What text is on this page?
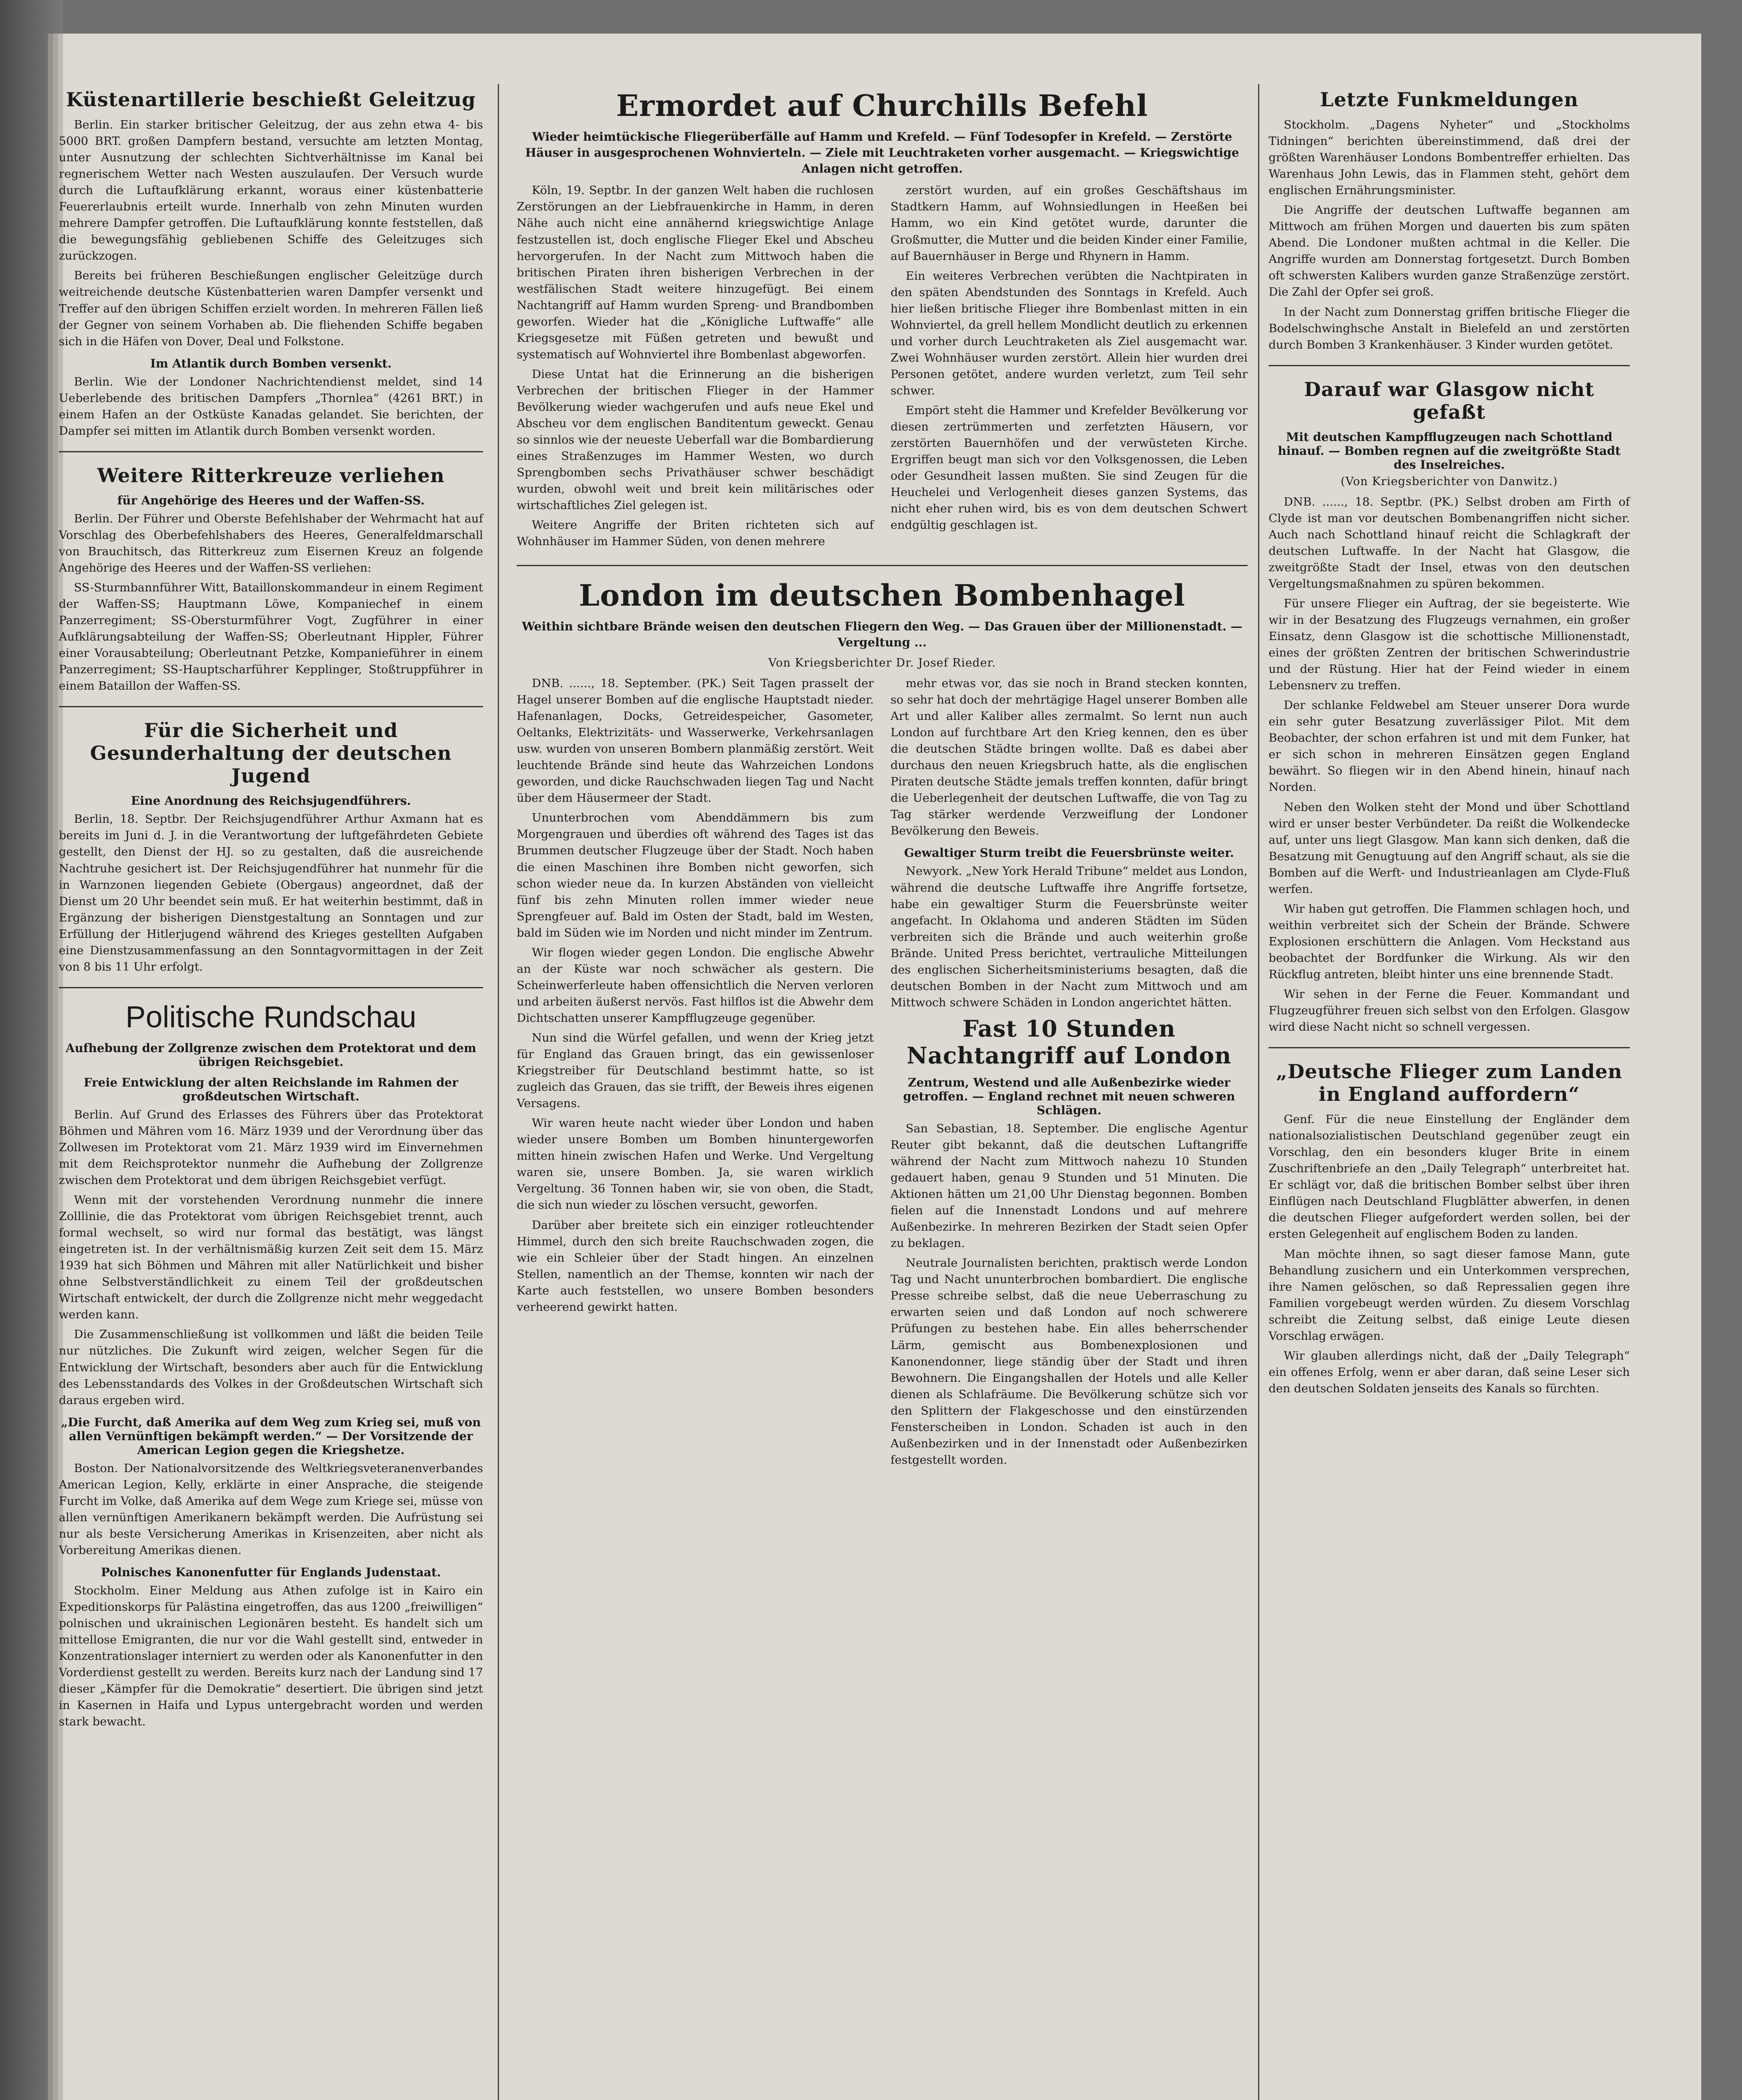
Küstenartillerie beschießt Geleitzug

Berlin. Ein starker britischer Geleitzug, der aus zehn etwa 4- bis 5000 BRT. großen Dampfern bestand, versuchte am letzten Montag, unter Ausnutzung der schlechten Sichtverhältnisse im Kanal bei regnerischem Wetter nach Westen auszulaufen. Der Versuch wurde durch die Luftaufklärung erkannt, woraus einer küstenbatterie Feuererlaubnis erteilt wurde. Innerhalb von zehn Minuten wurden mehrere Dampfer getroffen. Die Luftaufklärung konnte feststellen, daß die bewegungsfähig gebliebenen Schiffe des Geleitzuges sich zurückzogen.

Bereits bei früheren Beschießungen englischer Geleitzüge durch weitreichende deutsche Küstenbatterien waren Dampfer versenkt und Treffer auf den übrigen Schiffen erzielt worden. In mehreren Fällen ließ der Gegner von seinem Vorhaben ab. Die fliehenden Schiffe begaben sich in die Häfen von Dover, Deal und Folkstone.

Im Atlantik durch Bomben versenkt.

Berlin. Wie der Londoner Nachrichtendienst meldet, sind 14 Ueberlebende des britischen Dampfers „Thornlea“ (4261 BRT.) in einem Hafen an der Ostküste Kanadas gelandet. Sie berichten, der Dampfer sei mitten im Atlantik durch Bomben versenkt worden.

Weitere Ritterkreuze verliehen
für Angehörige des Heeres und der Waffen-SS.

Berlin. Der Führer und Oberste Befehlshaber der Wehrmacht hat auf Vorschlag des Oberbefehlshabers des Heeres, Generalfeldmarschall von Brauchitsch, das Ritterkreuz zum Eisernen Kreuz an folgende Angehörige des Heeres und der Waffen-SS verliehen:

SS-Sturmbannführer Witt, Bataillonskommandeur in einem Regiment der Waffen-SS; Hauptmann Löwe, Kompaniechef in einem Panzerregiment; SS-Obersturmführer Vogt, Zugführer in einer Aufklärungsabteilung der Waffen-SS; Oberleutnant Hippler, Führer einer Vorausabteilung; Oberleutnant Petzke, Kompanieführer in einem Panzerregiment; SS-Hauptscharführer Kepplinger, Stoßtruppführer in einem Bataillon der Waffen-SS.

Für die Sicherheit und Gesunderhaltung der deutschen Jugend
Eine Anordnung des Reichsjugendführers.

Berlin, 18. Septbr. Der Reichsjugendführer Arthur Axmann hat es bereits im Juni d. J. in die Verantwortung der luftgefährdeten Gebiete gestellt, den Dienst der HJ. so zu gestalten, daß die ausreichende Nachtruhe gesichert ist. Der Reichsjugendführer hat nunmehr für die in Warnzonen liegenden Gebiete (Obergaus) angeordnet, daß der Dienst um 20 Uhr beendet sein muß. Er hat weiterhin bestimmt, daß in Ergänzung der bisherigen Dienstgestaltung an Sonntagen und zur Erfüllung der Hitlerjugend während des Krieges gestellten Aufgaben eine Dienstzusammenfassung an den Sonntagvormittagen in der Zeit von 8 bis 11 Uhr erfolgt.

Politische Rundschau
Aufhebung der Zollgrenze zwischen dem Protektorat und dem übrigen Reichsgebiet.
Freie Entwicklung der alten Reichslande im Rahmen der großdeutschen Wirtschaft.

Berlin. Auf Grund des Erlasses des Führers über das Protektorat Böhmen und Mähren vom 16. März 1939 und der Verordnung über das Zollwesen im Protektorat vom 21. März 1939 wird im Einvernehmen mit dem Reichsprotektor nunmehr die Aufhebung der Zollgrenze zwischen dem Protektorat und dem übrigen Reichsgebiet verfügt.

Wenn mit der vorstehenden Verordnung nunmehr die innere Zolllinie, die das Protektorat vom übrigen Reichsgebiet trennt, auch formal wechselt, so wird nur formal das bestätigt, was längst eingetreten ist. In der verhältnismäßig kurzen Zeit seit dem 15. März 1939 hat sich Böhmen und Mähren mit aller Natürlichkeit und bisher ohne Selbstverständlichkeit zu einem Teil der großdeutschen Wirtschaft entwickelt, der durch die Zollgrenze nicht mehr weggedacht werden kann.

Die Zusammenschließung ist vollkommen und läßt die beiden Teile nur nützliches. Die Zukunft wird zeigen, welcher Segen für die Entwicklung der Wirtschaft, besonders aber auch für die Entwicklung des Lebensstandards des Volkes in der Großdeutschen Wirtschaft sich daraus ergeben wird.

„Die Furcht, daß Amerika auf dem Weg zum Krieg sei, muß von allen Vernünftigen bekämpft werden.“ — Der Vorsitzende der American Legion gegen die Kriegshetze.

Boston. Der Nationalvorsitzende des Weltkriegsveteranenverbandes American Legion, Kelly, erklärte in einer Ansprache, die steigende Furcht im Volke, daß Amerika auf dem Wege zum Kriege sei, müsse von allen vernünftigen Amerikanern bekämpft werden. Die Aufrüstung sei nur als beste Versicherung Amerikas in Krisenzeiten, aber nicht als Vorbereitung Amerikas dienen.

Polnisches Kanonenfutter für Englands Judenstaat.

Stockholm. Einer Meldung aus Athen zufolge ist in Kairo ein Expeditionskorps für Palästina eingetroffen, das aus 1200 „freiwilligen“ polnischen und ukrainischen Legionären besteht. Es handelt sich um mittellose Emigranten, die nur vor die Wahl gestellt sind, entweder in Konzentrationslager interniert zu werden oder als Kanonenfutter in den Vorderdienst gestellt zu werden. Bereits kurz nach der Landung sind 17 dieser „Kämpfer für die Demokratie“ desertiert. Die übrigen sind jetzt in Kasernen in Haifa und Lypus untergebracht worden und werden stark bewacht.

Ermordet auf Churchills Befehl
Wieder heimtückische Fliegerüberfälle auf Hamm und Krefeld. — Fünf Todesopfer in Krefeld. — Zerstörte Häuser in ausgesprochenen Wohnvierteln. — Ziele mit Leuchtraketen vorher ausgemacht. — Kriegswichtige Anlagen nicht getroffen.

Köln, 19. Septbr. In der ganzen Welt haben die ruchlosen Zerstörungen an der Liebfrauenkirche in Hamm, in deren Nähe auch nicht eine annähernd kriegswichtige Anlage festzustellen ist, doch englische Flieger Ekel und Abscheu hervorgerufen. In der Nacht zum Mittwoch haben die britischen Piraten ihren bisherigen Verbrechen in der westfälischen Stadt weitere hinzugefügt. Bei einem Nachtangriff auf Hamm wurden Spreng- und Brandbomben geworfen. Wieder hat die „Königliche Luftwaffe“ alle Kriegsgesetze mit Füßen getreten und bewußt und systematisch auf Wohnviertel ihre Bombenlast abgeworfen.

Diese Untat hat die Erinnerung an die bisherigen Verbrechen der britischen Flieger in der Hammer Bevölkerung wieder wachgerufen und aufs neue Ekel und Abscheu vor dem englischen Banditentum geweckt. Genau so sinnlos wie der neueste Ueberfall war die Bombardierung eines Straßenzuges im Hammer Westen, wo durch Sprengbomben sechs Privathäuser schwer beschädigt wurden, obwohl weit und breit kein militärisches oder wirtschaftliches Ziel gelegen ist.

Weitere Angriffe der Briten richteten sich auf Wohnhäuser im Hammer Süden, von denen mehrere

zerstört wurden, auf ein großes Geschäftshaus im Stadtkern Hamm, auf Wohnsiedlungen in Heeßen bei Hamm, wo ein Kind getötet wurde, darunter die Großmutter, die Mutter und die beiden Kinder einer Familie, auf Bauernhäuser in Berge und Rhynern in Hamm.

Ein weiteres Verbrechen verübten die Nachtpiraten in den späten Abendstunden des Sonntags in Krefeld. Auch hier ließen britische Flieger ihre Bombenlast mitten in ein Wohnviertel, da grell hellem Mondlicht deutlich zu erkennen und vorher durch Leuchtraketen als Ziel ausgemacht war. Zwei Wohnhäuser wurden zerstört. Allein hier wurden drei Personen getötet, andere wurden verletzt, zum Teil sehr schwer.

Empört steht die Hammer und Krefelder Bevölkerung vor diesen zertrümmerten und zerfetzten Häusern, vor zerstörten Bauernhöfen und der verwüsteten Kirche. Ergriffen beugt man sich vor den Volksgenossen, die Leben oder Gesundheit lassen mußten. Sie sind Zeugen für die Heuchelei und Verlogenheit dieses ganzen Systems, das nicht eher ruhen wird, bis es von dem deutschen Schwert endgültig geschlagen ist.

London im deutschen Bombenhagel
Weithin sichtbare Brände weisen den deutschen Fliegern den Weg. — Das Grauen über der Millionenstadt. — Vergeltung ...
Von Kriegsberichter Dr. Josef Rieder.

DNB. ......, 18. September. (PK.) Seit Tagen prasselt der Hagel unserer Bomben auf die englische Hauptstadt nieder. Hafenanlagen, Docks, Getreidespeicher, Gasometer, Oeltanks, Elektrizitäts- und Wasserwerke, Verkehrsanlagen usw. wurden von unseren Bombern planmäßig zerstört. Weit leuchtende Brände sind heute das Wahrzeichen Londons geworden, und dicke Rauchschwaden liegen Tag und Nacht über dem Häusermeer der Stadt.

Ununterbrochen vom Abenddämmern bis zum Morgengrauen und überdies oft während des Tages ist das Brummen deutscher Flugzeuge über der Stadt. Noch haben die einen Maschinen ihre Bomben nicht geworfen, sich schon wieder neue da. In kurzen Abständen von vielleicht fünf bis zehn Minuten rollen immer wieder neue Sprengfeuer auf. Bald im Osten der Stadt, bald im Westen, bald im Süden wie im Norden und nicht minder im Zentrum.

Wir flogen wieder gegen London. Die englische Abwehr an der Küste war noch schwächer als gestern. Die Scheinwerferleute haben offensichtlich die Nerven verloren und arbeiten äußerst nervös. Fast hilflos ist die Abwehr dem Dichtschatten unserer Kampfflugzeuge gegenüber.

Nun sind die Würfel gefallen, und wenn der Krieg jetzt für England das Grauen bringt, das ein gewissenloser Kriegstreiber für Deutschland bestimmt hatte, so ist zugleich das Grauen, das sie trifft, der Beweis ihres eigenen Versagens.

Wir waren heute nacht wieder über London und haben wieder unsere Bomben um Bomben hinuntergeworfen mitten hinein zwischen Hafen und Werke. Und Vergeltung waren sie, unsere Bomben. Ja, sie waren wirklich Vergeltung. 36 Tonnen haben wir, sie von oben, die Stadt, die sich nun wieder zu löschen versucht, geworfen.

Darüber aber breitete sich ein einziger rotleuchtender Himmel, durch den sich breite Rauchschwaden zogen, die wie ein Schleier über der Stadt hingen. An einzelnen Stellen, namentlich an der Themse, konnten wir nach der Karte auch feststellen, wo unsere Bomben besonders verheerend gewirkt hatten.

mehr etwas vor, das sie noch in Brand stecken konnten, so sehr hat doch der mehrtägige Hagel unserer Bomben alle Art und aller Kaliber alles zermalmt. So lernt nun auch London auf furchtbare Art den Krieg kennen, den es über die deutschen Städte bringen wollte. Daß es dabei aber durchaus den neuen Kriegsbruch hatte, als die englischen Piraten deutsche Städte jemals treffen konnten, dafür bringt die Ueberlegenheit der deutschen Luftwaffe, die von Tag zu Tag stärker werdende Verzweiflung der Londoner Bevölkerung den Beweis.

Gewaltiger Sturm treibt die Feuersbrünste weiter.

Newyork. „New York Herald Tribune“ meldet aus London, während die deutsche Luftwaffe ihre Angriffe fortsetze, habe ein gewaltiger Sturm die Feuersbrünste weiter angefacht. In Oklahoma und anderen Städten im Süden verbreiten sich die Brände und auch weiterhin große Brände. United Press berichtet, vertrauliche Mitteilungen des englischen Sicherheitsministeriums besagten, daß die deutschen Bomben in der Nacht zum Mittwoch und am Mittwoch schwere Schäden in London angerichtet hätten.

Fast 10 Stunden Nachtangriff auf London
Zentrum, Westend und alle Außenbezirke wieder getroffen. — England rechnet mit neuen schweren Schlägen.

San Sebastian, 18. September. Die englische Agentur Reuter gibt bekannt, daß die deutschen Luftangriffe während der Nacht zum Mittwoch nahezu 10 Stunden gedauert haben, genau 9 Stunden und 51 Minuten. Die Aktionen hätten um 21,00 Uhr Dienstag begonnen. Bomben fielen auf die Innenstadt Londons und auf mehrere Außenbezirke. In mehreren Bezirken der Stadt seien Opfer zu beklagen.

Neutrale Journalisten berichten, praktisch werde London Tag und Nacht ununterbrochen bombardiert. Die englische Presse schreibe selbst, daß die neue Ueberraschung zu erwarten seien und daß London auf noch schwerere Prüfungen zu bestehen habe. Ein alles beherrschender Lärm, gemischt aus Bombenexplosionen und Kanonendonner, liege ständig über der Stadt und ihren Bewohnern. Die Eingangshallen der Hotels und alle Keller dienen als Schlafräume. Die Bevölkerung schütze sich vor den Splittern der Flakgeschosse und den einstürzenden Fensterscheiben in London. Schaden ist auch in den Außenbezirken und in der Innenstadt oder Außenbezirken festgestellt worden.

Letzte Funkmeldungen

Stockholm. „Dagens Nyheter“ und „Stockholms Tidningen“ berichten übereinstimmend, daß drei der größten Warenhäuser Londons Bombentreffer erhielten. Das Warenhaus John Lewis, das in Flammen steht, gehört dem englischen Ernährungsminister.

Die Angriffe der deutschen Luftwaffe begannen am Mittwoch am frühen Morgen und dauerten bis zum späten Abend. Die Londoner mußten achtmal in die Keller. Die Angriffe wurden am Donnerstag fortgesetzt. Durch Bomben oft schwersten Kalibers wurden ganze Straßenzüge zerstört. Die Zahl der Opfer sei groß.

In der Nacht zum Donnerstag griffen britische Flieger die Bodelschwinghsche Anstalt in Bielefeld an und zerstörten durch Bomben 3 Krankenhäuser. 3 Kinder wurden getötet.

Darauf war Glasgow nicht gefaßt
Mit deutschen Kampfflugzeugen nach Schottland hinauf. — Bomben regnen auf die zweitgrößte Stadt des Inselreiches.
(Von Kriegsberichter von Danwitz.)

DNB. ......, 18. Septbr. (PK.) Selbst droben am Firth of Clyde ist man vor deutschen Bombenangriffen nicht sicher. Auch nach Schottland hinauf reicht die Schlagkraft der deutschen Luftwaffe. In der Nacht hat Glasgow, die zweitgrößte Stadt der Insel, etwas von den deutschen Vergeltungsmaßnahmen zu spüren bekommen.

Für unsere Flieger ein Auftrag, der sie begeisterte. Wie wir in der Besatzung des Flugzeugs vernahmen, ein großer Einsatz, denn Glasgow ist die schottische Millionenstadt, eines der größten Zentren der britischen Schwerindustrie und der Rüstung. Hier hat der Feind wieder in einem Lebensnerv zu treffen.

Der schlanke Feldwebel am Steuer unserer Dora wurde ein sehr guter Besatzung zuverlässiger Pilot. Mit dem Beobachter, der schon erfahren ist und mit dem Funker, hat er sich schon in mehreren Einsätzen gegen England bewährt. So fliegen wir in den Abend hinein, hinauf nach Norden.

Neben den Wolken steht der Mond und über Schottland wird er unser bester Verbündeter. Da reißt die Wolkendecke auf, unter uns liegt Glasgow. Man kann sich denken, daß die Besatzung mit Genugtuung auf den Angriff schaut, als sie die Bomben auf die Werft- und Industrieanlagen am Clyde-Fluß werfen.

Wir haben gut getroffen. Die Flammen schlagen hoch, und weithin verbreitet sich der Schein der Brände. Schwere Explosionen erschüttern die Anlagen. Vom Heckstand aus beobachtet der Bordfunker die Wirkung. Als wir den Rückflug antreten, bleibt hinter uns eine brennende Stadt.

Wir sehen in der Ferne die Feuer. Kommandant und Flugzeugführer freuen sich selbst von den Erfolgen. Glasgow wird diese Nacht nicht so schnell vergessen.

„Deutsche Flieger zum Landen in England auffordern“

Genf. Für die neue Einstellung der Engländer dem nationalsozialistischen Deutschland gegenüber zeugt ein Vorschlag, den ein besonders kluger Brite in einem Zuschriftenbriefe an den „Daily Telegraph“ unterbreitet hat. Er schlägt vor, daß die britischen Bomber selbst über ihren Einflügen nach Deutschland Flugblätter abwerfen, in denen die deutschen Flieger aufgefordert werden sollen, bei der ersten Gelegenheit auf englischem Boden zu landen.

Man möchte ihnen, so sagt dieser famose Mann, gute Behandlung zusichern und ein Unterkommen versprechen, ihre Namen gelöschen, so daß Repressalien gegen ihre Familien vorgebeugt werden würden. Zu diesem Vorschlag schreibt die Zeitung selbst, daß einige Leute diesen Vorschlag erwägen.

Wir glauben allerdings nicht, daß der „Daily Telegraph“ ein offenes Erfolg, wenn er aber daran, daß seine Leser sich den deutschen Soldaten jenseits des Kanals so fürchten.
